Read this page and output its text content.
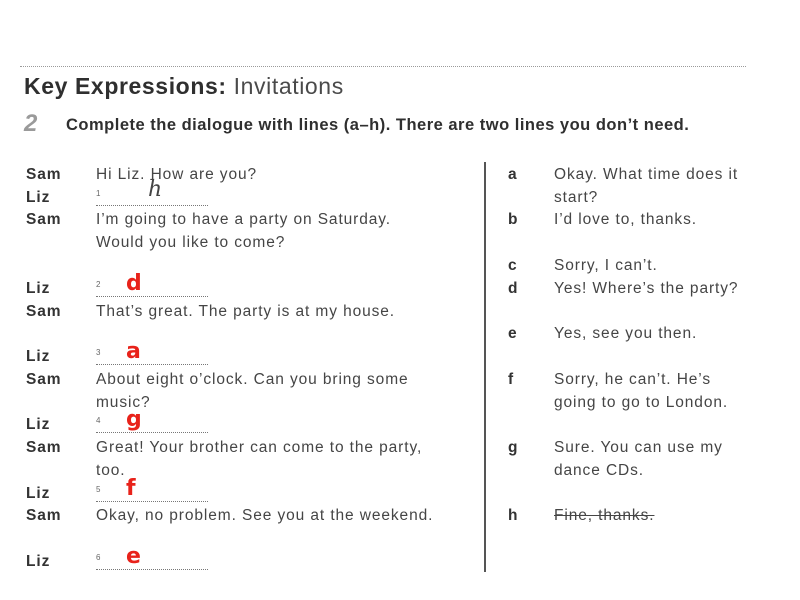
Key Expressions: Invitations
2 Complete the dialogue with lines (a–h). There are two lines you don’t need.
Sam Hi Liz. How are you?
Liz	1 h
Sam I’m going to have a party on Saturday. Would you like to come?
Liz	2 d
Sam That’s great. The party is at my house.
Liz	3 a
Sam About eight o’clock. Can you bring some music?
Liz	4 g
Sam Great! Your brother can come to the party, too.
Liz	5 f
Sam Okay, no problem. See you at the weekend.
Liz	6 e
a Okay. What time does it start?
b I’d love to, thanks.
c Sorry, I can’t.
d Yes! Where’s the party?
e Yes, see you then.
f	Sorry, he can’t. He’s going to go to London.
g Sure. You can use my dance CDs.
h Fine, thanks.
